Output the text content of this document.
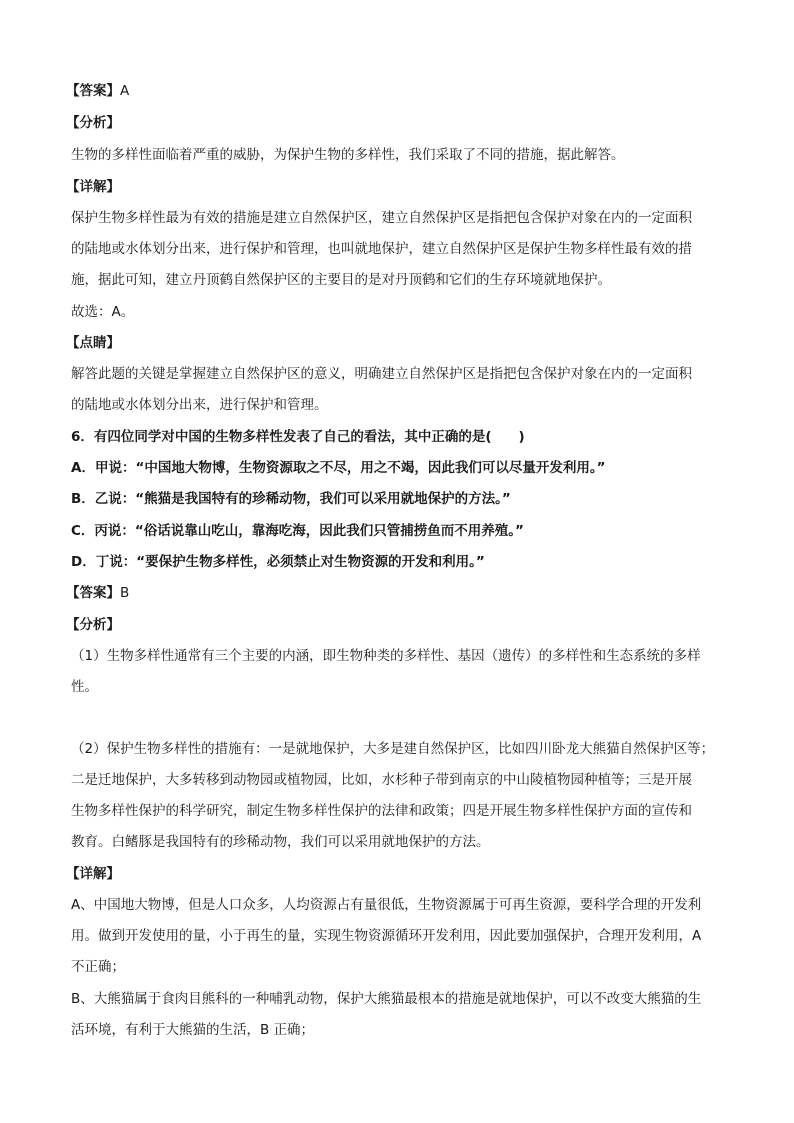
【答案】A
【分析】
生物的多样性面临着严重的威胁，为保护生物的多样性，我们采取了不同的措施，据此解答。
【详解】
保护生物多样性最为有效的措施是建立自然保护区，建立自然保护区是指把包含保护对象在内的一定面积
的陆地或水体划分出来，进行保护和管理，也叫就地保护，建立自然保护区是保护生物多样性最有效的措
施，据此可知，建立丹顶鹤自然保护区的主要目的是对丹顶鹤和它们的生存环境就地保护。
故选：A。
【点睛】
解答此题的关键是掌握建立自然保护区的意义，明确建立自然保护区是指把包含保护对象在内的一定面积
的陆地或水体划分出来，进行保护和管理。
6．有四位同学对中国的生物多样性发表了自己的看法，其中正确的是(　　)
A．甲说：“中国地大物博，生物资源取之不尽，用之不竭，因此我们可以尽量开发利用。”
B．乙说：“熊猫是我国特有的珍稀动物，我们可以采用就地保护的方法。”
C．丙说：“俗话说靠山吃山，靠海吃海，因此我们只管捕捞鱼而不用养殖。”
D．丁说：“要保护生物多样性，必须禁止对生物资源的开发和利用。”
【答案】B
【分析】
（1）生物多样性通常有三个主要的内涵，即生物种类的多样性、基因（遗传）的多样性和生态系统的多样
性。
（2）保护生物多样性的措施有：一是就地保护，大多是建自然保护区，比如四川卧龙大熊猫自然保护区等；
二是迁地保护，大多转移到动物园或植物园，比如，水杉种子带到南京的中山陵植物园种植等；三是开展
生物多样性保护的科学研究，制定生物多样性保护的法律和政策；四是开展生物多样性保护方面的宣传和
教育。白鳍豚是我国特有的珍稀动物，我们可以采用就地保护的方法。
【详解】
A、中国地大物博，但是人口众多，人均资源占有量很低，生物资源属于可再生资源，要科学合理的开发利
用。做到开发使用的量，小于再生的量，实现生物资源循环开发利用，因此要加强保护，合理开发利用，A
不正确；
B、大熊猫属于食肉目熊科的一种哺乳动物，保护大熊猫最根本的措施是就地保护，可以不改变大熊猫的生
活环境，有利于大熊猫的生活，B 正确；
